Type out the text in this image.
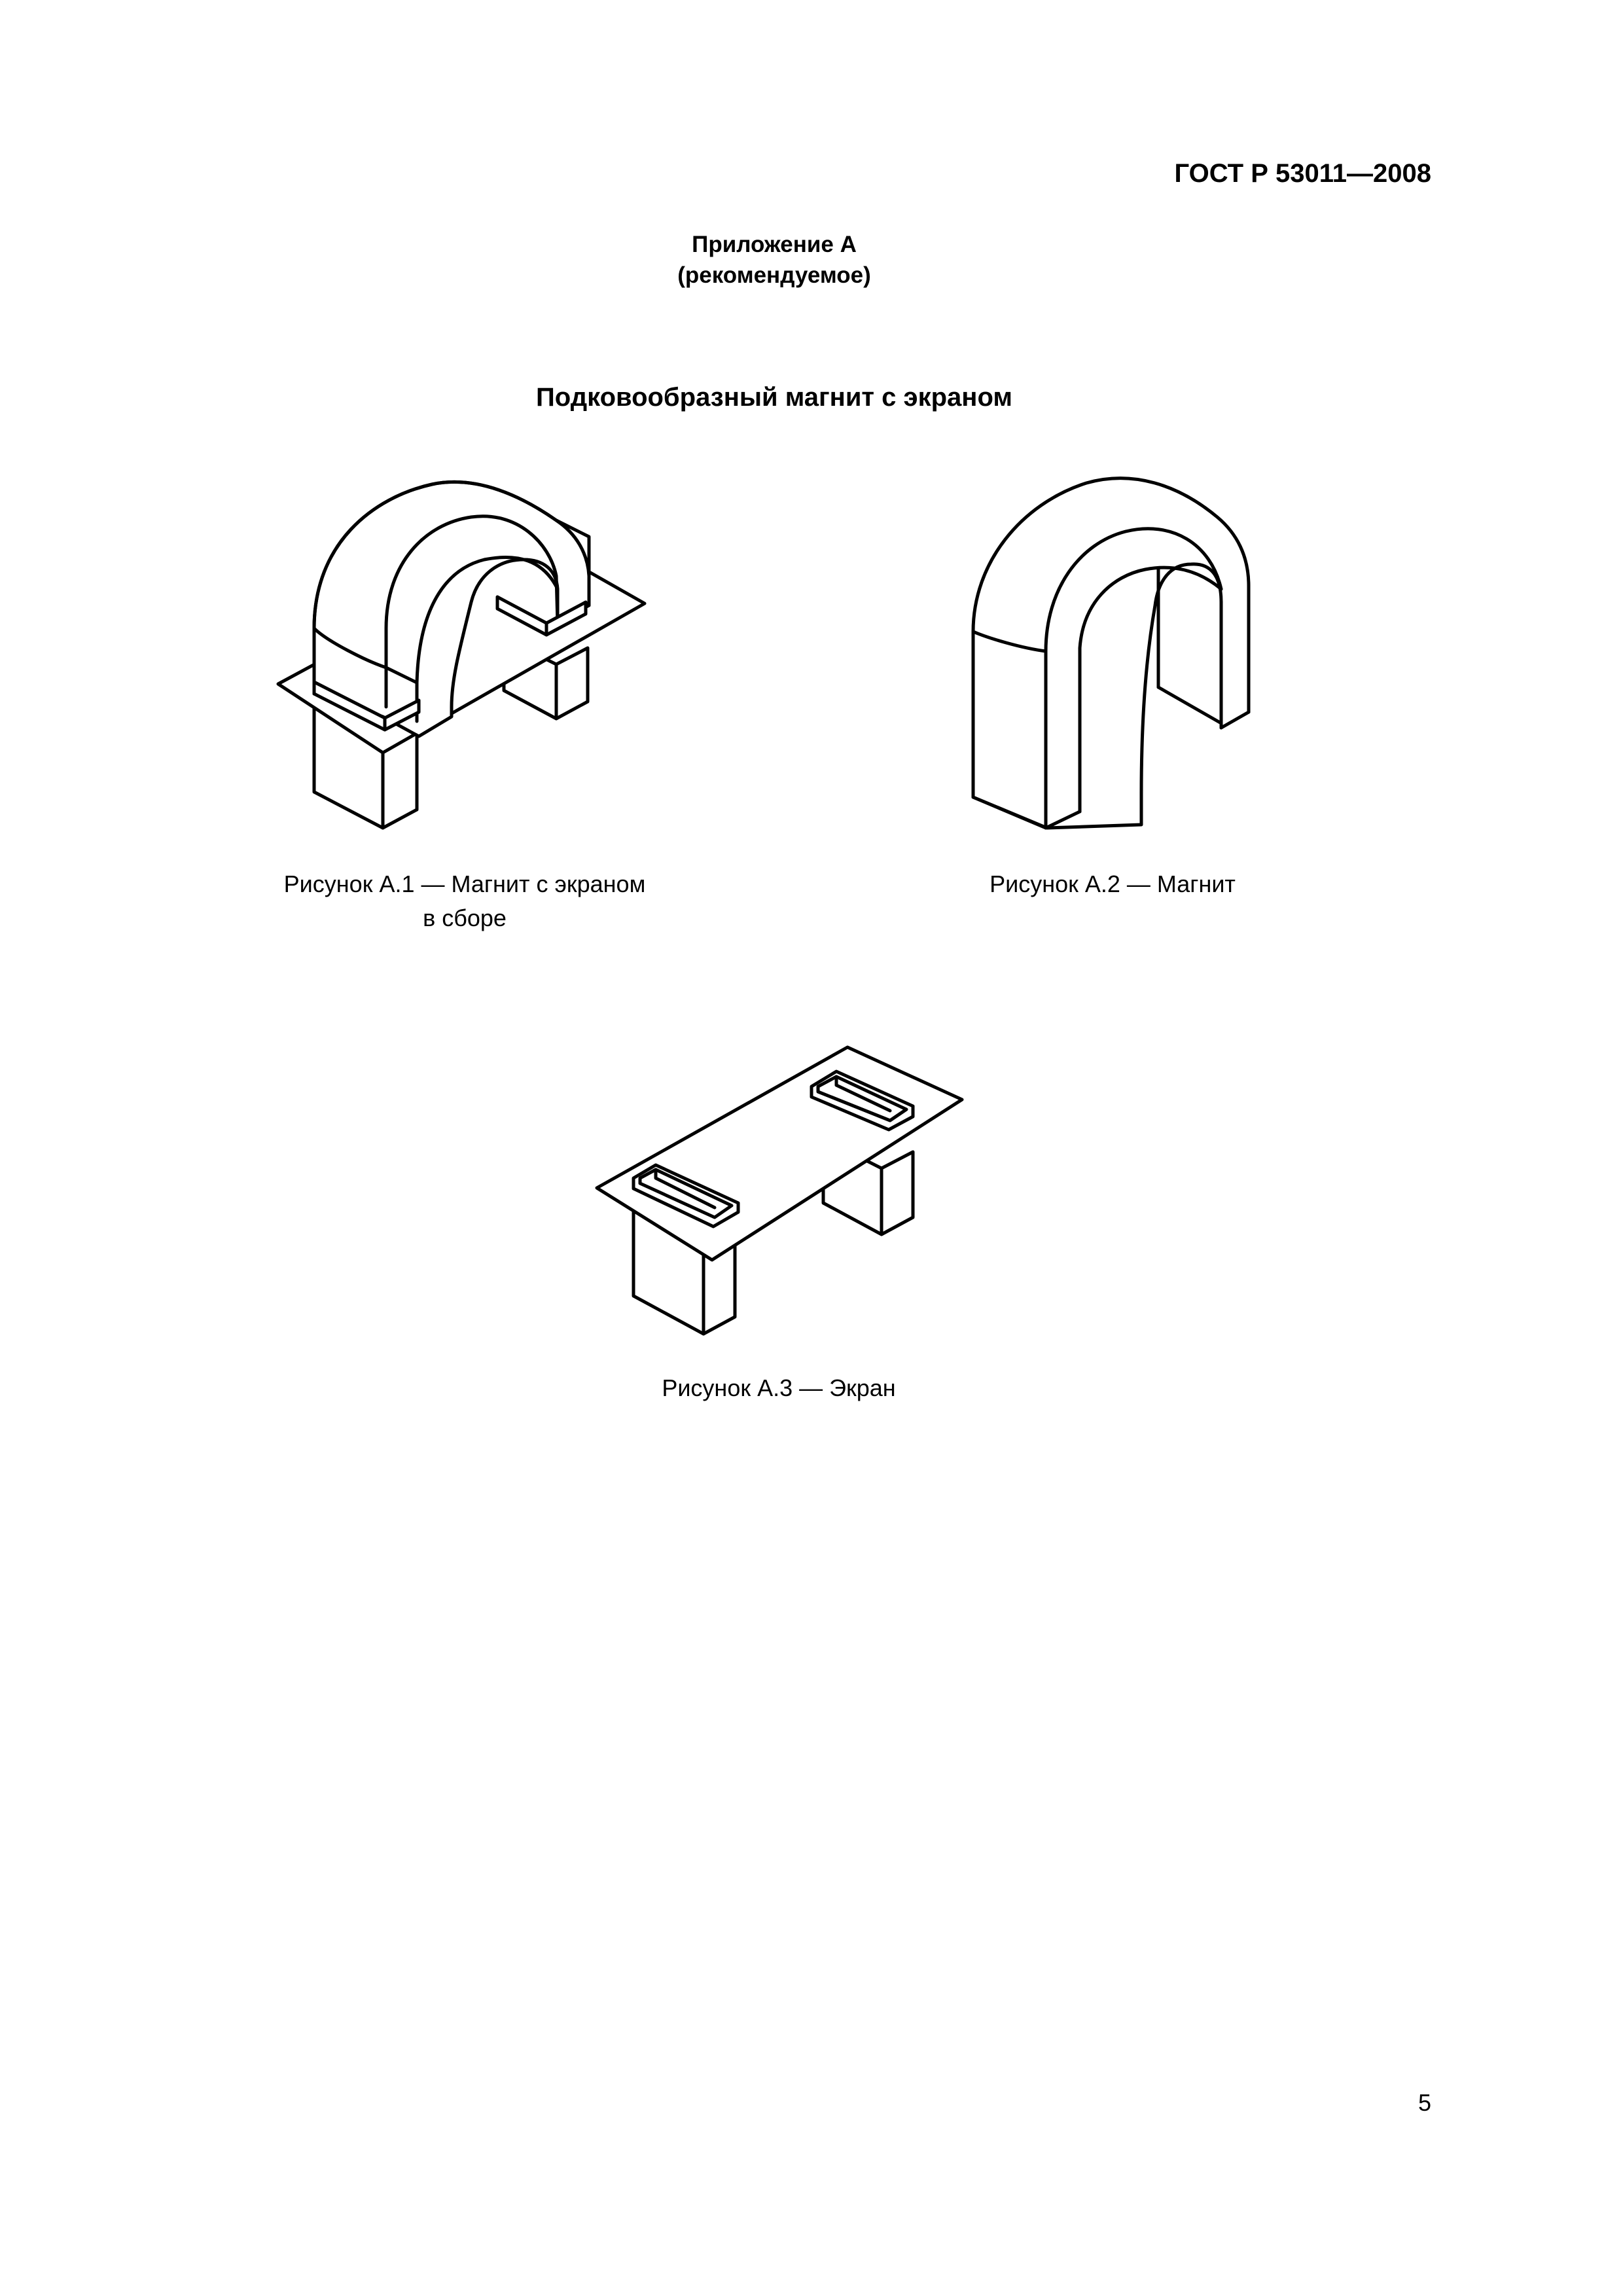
ГОСТ Р 53011—2008
Приложение А
(рекомендуемое)
Подковообразный магнит с экраном
Рисунок А.1 — Магнит с экраном
в сборе
Рисунок А.2 — Магнит
Рисунок А.3 — Экран
5
